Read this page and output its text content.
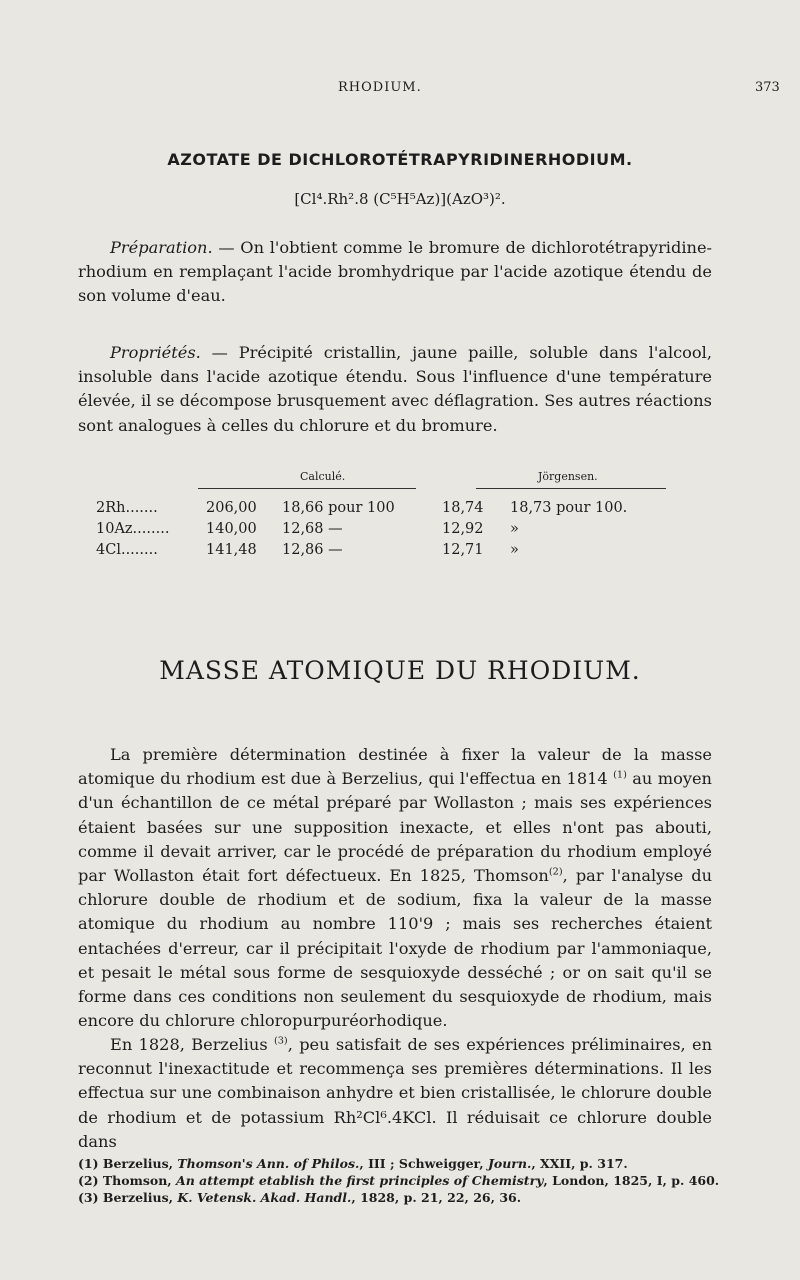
RHODIUM.	373
AZOTATE DE DICHLOROTÉTRAPYRIDINERHODIUM.
[Cl⁴.Rh².8 (C⁵H⁵Az)](AzO³)².

Préparation. — On l'obtient comme le bromure de dichlorotétrapyridine-rhodium en remplaçant l'acide bromhydrique par l'acide azotique étendu de son volume d'eau.

Propriétés. — Précipité cristallin, jaune paille, soluble dans l'alcool, insoluble dans l'acide azotique étendu. Sous l'influence d'une température élevée, il se décompose brusquement avec déflagration. Ses autres réactions sont analogues à celles du chlorure et du bromure.

Calculé.	Jörgensen.
2Rh.......	206,00	18,66 pour 100	18,74	18,73 pour 100.
10Az........	140,00	12,68 —	12,92	»
4Cl........	141,48	12,86 —	12,71	»
MASSE ATOMIQUE DU RHODIUM.

La première détermination destinée à fixer la valeur de la masse atomique du rhodium est due à Berzelius, qui l'effectua en 1814 $^{(1)}$ au moyen d'un échantillon de ce métal préparé par Wollaston ; mais ses expériences étaient basées sur une supposition inexacte, et elles n'ont pas abouti, comme il devait arriver, car le procédé de préparation du rhodium employé par Wollaston était fort défectueux. En 1825, Thomson$^{(2)}$, par l'analyse du chlorure double de rhodium et de sodium, fixa la valeur de la masse atomique du rhodium au nombre 110'9 ; mais ses recherches étaient entachées d'erreur, car il précipitait l'oxyde de rhodium par l'ammoniaque, et pesait le métal sous forme de sesquioxyde desséché ; or on sait qu'il se forme dans ces conditions non seulement du sesquioxyde de rhodium, mais encore du chlorure chloropurpuréorhodique.

En 1828, Berzelius $^{(3)}$, peu satisfait de ses expériences préliminaires, en reconnut l'inexactitude et recommença ses premières déterminations. Il les effectua sur une combinaison anhydre et bien cristallisée, le chlorure double de rhodium et de potassium Rh²Cl⁶.4KCl. Il réduisait ce chlorure double dans

(1) Berzelius, Thomson's Ann. of Philos., III ; Schweigger, Journ., XXII, p. 317.
(2) Thomson, An attempt etablish the first principles of Chemistry, London, 1825, I, p. 460.
(3) Berzelius, K. Vetensk. Akad. Handl., 1828, p. 21, 22, 26, 36.
